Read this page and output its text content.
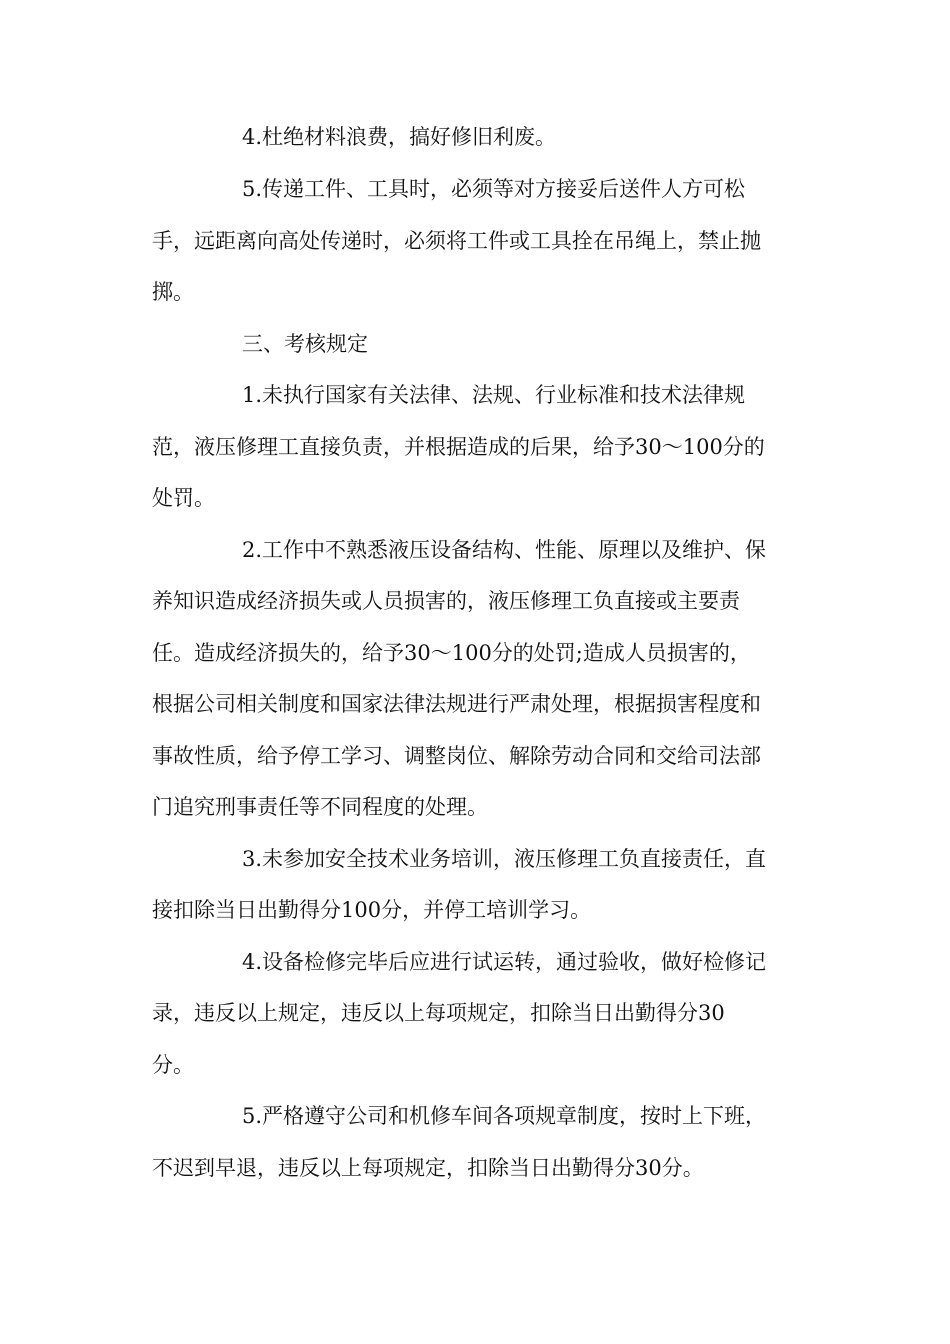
4.杜绝材料浪费，搞好修旧利废。
5.传递工件、工具时，必须等对方接妥后送件人方可松
手，远距离向高处传递时，必须将工件或工具拴在吊绳上，禁止抛
掷。
三、考核规定
1.未执行国家有关法律、法规、行业标准和技术法律规
范，液压修理工直接负责，并根据造成的后果，给予30～100分的
处罚。
2.工作中不熟悉液压设备结构、性能、原理以及维护、保
养知识造成经济损失或人员损害的，液压修理工负直接或主要责
任。造成经济损失的，给予30～100分的处罚;造成人员损害的，
根据公司相关制度和国家法律法规进行严肃处理，根据损害程度和
事故性质，给予停工学习、调整岗位、解除劳动合同和交给司法部
门追究刑事责任等不同程度的处理。
3.未参加安全技术业务培训，液压修理工负直接责任，直
接扣除当日出勤得分100分，并停工培训学习。
4.设备检修完毕后应进行试运转，通过验收，做好检修记
录，违反以上规定，违反以上每项规定，扣除当日出勤得分30
分。
5.严格遵守公司和机修车间各项规章制度，按时上下班，
不迟到早退，违反以上每项规定，扣除当日出勤得分30分。
